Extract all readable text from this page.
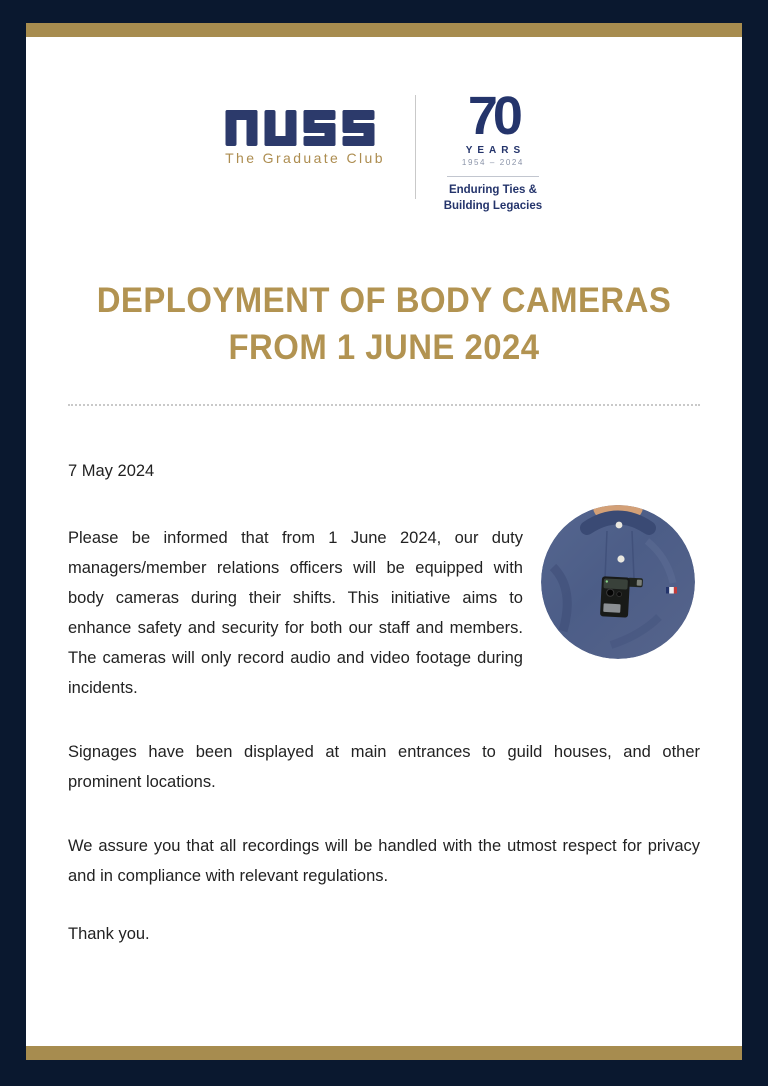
The Graduate Club
70
YEARS
1954 – 2024
Enduring Ties &
Building Legacies
DEPLOYMENT OF BODY CAMERAS
FROM 1 JUNE 2024
7 May 2024

Please be informed that from 1 June 2024, our duty managers/member relations officers will be equipped with body cameras during their shifts. This initiative aims to enhance safety and security for both our staff and members. The cameras will only record audio and video footage during incidents.

Signages have been displayed at main entrances to guild houses, and other prominent locations.

We assure you that all recordings will be handled with the utmost respect for privacy and in compliance with relevant regulations.

Thank you.
